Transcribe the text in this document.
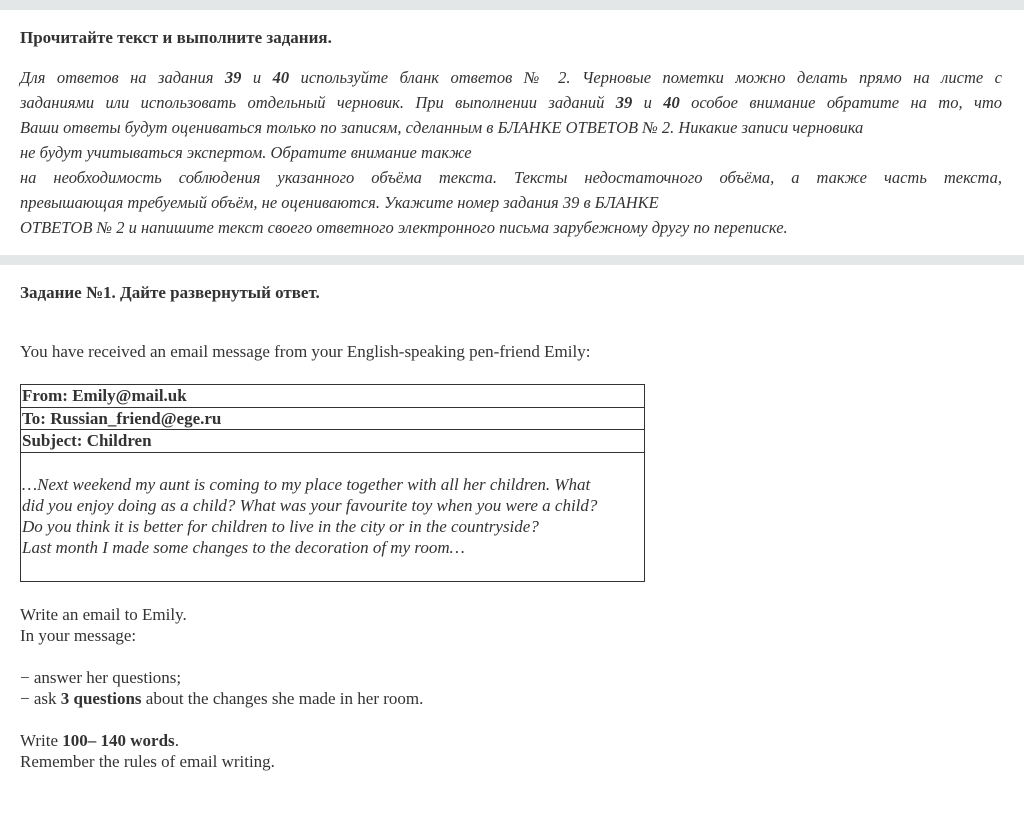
Прочитайте текст и выполните задания.

Для ответов на задания 39 и 40 используйте бланк ответов № 2. Черновые пометки можно делать прямо на листе с
заданиями или использовать отдельный черновик. При выполнении заданий 39 и 40 особое внимание обратите на то, что
Ваши ответы будут оцениваться только по записям, сделанным в БЛАНКЕ ОТВЕТОВ № 2. Никакие записи черновика
не будут учитываться экспертом. Обратите внимание также
на необходимость соблюдения указанного объёма текста. Тексты недостаточного объёма, а также часть текста,
превышающая требуемый объём, не оцениваются. Укажите номер задания 39 в БЛАНКЕ
ОТВЕТОВ № 2 и напишите текст своего ответного электронного письма зарубежному другу по переписке.

Задание №1. Дайте развернутый ответ.

You have received an email message from your English-speaking pen-friend Emily:
From: Emily@mail.uk
To: Russian_friend@ege.ru
Subject: Children
…Next weekend my aunt is coming to my place together with all her children. What
did you enjoy doing as a child? What was your favourite toy when you were a child?
Do you think it is better for children to live in the city or in the countryside?
Last month I made some changes to the decoration of my room…
Write an email to Emily.
In your message:
− answer her questions;
− ask 3 questions about the changes she made in her room.
Write 100– 140 words.
Remember the rules of email writing.
